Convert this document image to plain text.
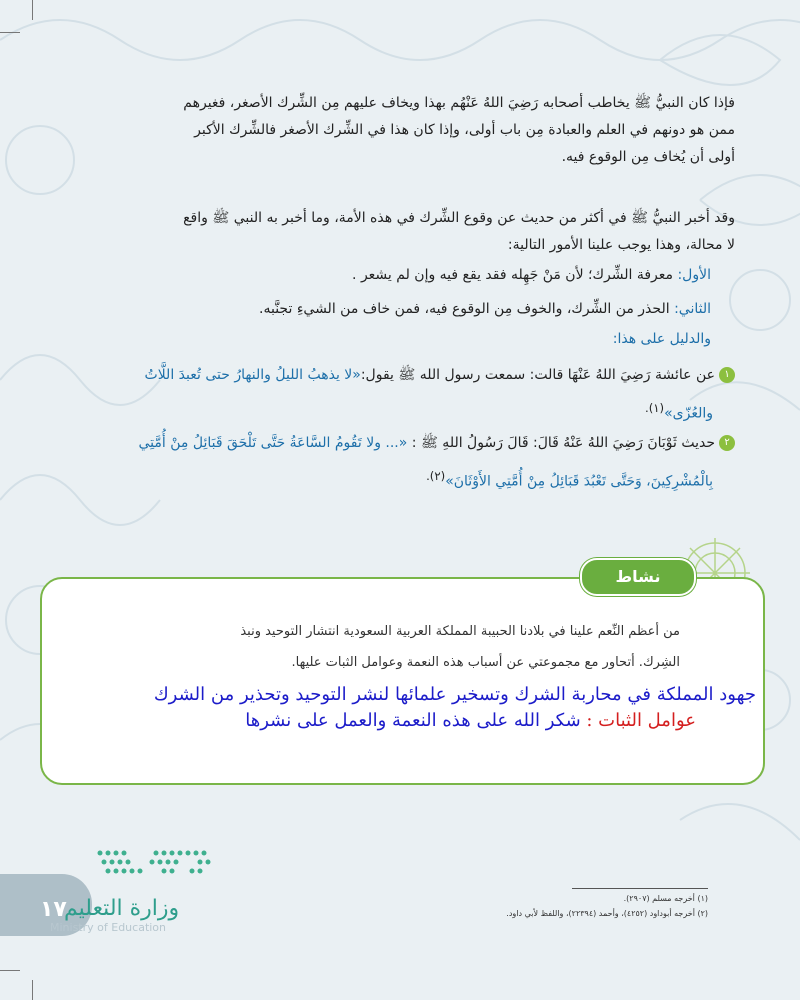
فإذا كان النبيُّ ﷺ يخاطب أصحابه رَضِيَ اللهُ عَنْهُم بهذا ويخاف عليهم مِن الشِّرك الأصغر، فغيرهم
ممن هو دونهم في العلم والعبادة مِن باب أولى، وإذا كان هذا في الشِّرك الأصغر فالشِّرك الأكبر
أولى أن يُخاف مِن الوقوع فيه.
وقد أخبر النبيُّ ﷺ في أكثر من حديث عن وقوع الشِّرك في هذه الأمة، وما أخبر به النبي ﷺ واقع
لا محالة، وهذا يوجب علينا الأمور التالية:
الأول: معرفة الشِّرك؛ لأن مَنْ جَهِله فقد يقع فيه وإن لم يشعر .
الثاني: الحذر من الشِّرك، والخوف مِن الوقوع فيه، فمن خاف من الشيءِ تجنَّبه.
والدليل على هذا:
١عن عائشة رَضِيَ اللهُ عَنْهَا قالت: سمعت رسول الله ﷺ يقول:«لا يذهبُ الليلُ والنهارُ حتى تُعبدَ اللَّاتُ
والعُزّى»$^{(١).}$
٢حديث ثَوْبَانَ رَضِيَ اللهُ عَنْهُ قَالَ: قَالَ رَسُولُ اللهِ ﷺ : «... ولا تَقُومُ السَّاعَةُ حَتَّى تَلْحَقَ قَبَائِلُ مِنْ أُمَّتِي
بِالْمُشْرِكِينَ، وَحَتَّى تَعْبُدَ قَبَائِلُ مِنْ أُمَّتِي الأَوْثَانَ»$^{(٢).}$
نشاط
من أعظم النِّعم علينا في بلادنا الحبيبة المملكة العربية السعودية انتشار التوحيد ونبذ
الشِرك. أتحاور مع مجموعتي عن أسباب هذه النعمة وعوامل الثبات عليها.
جهود المملكة في محاربة الشرك وتسخير علمائها لنشر التوحيد وتحذير من الشرك
عوامل الثبات : شكر الله على هذه النعمة والعمل على نشرها
(١) أخرجه مسلم (٢٩٠٧).
(٢) أخرجه أبوداود (٤٢٥٢)، وأحمد (٢٢٣٩٤)، واللفظ لأبي داود.
وزارة التعليم
١٧
Ministry of Education
